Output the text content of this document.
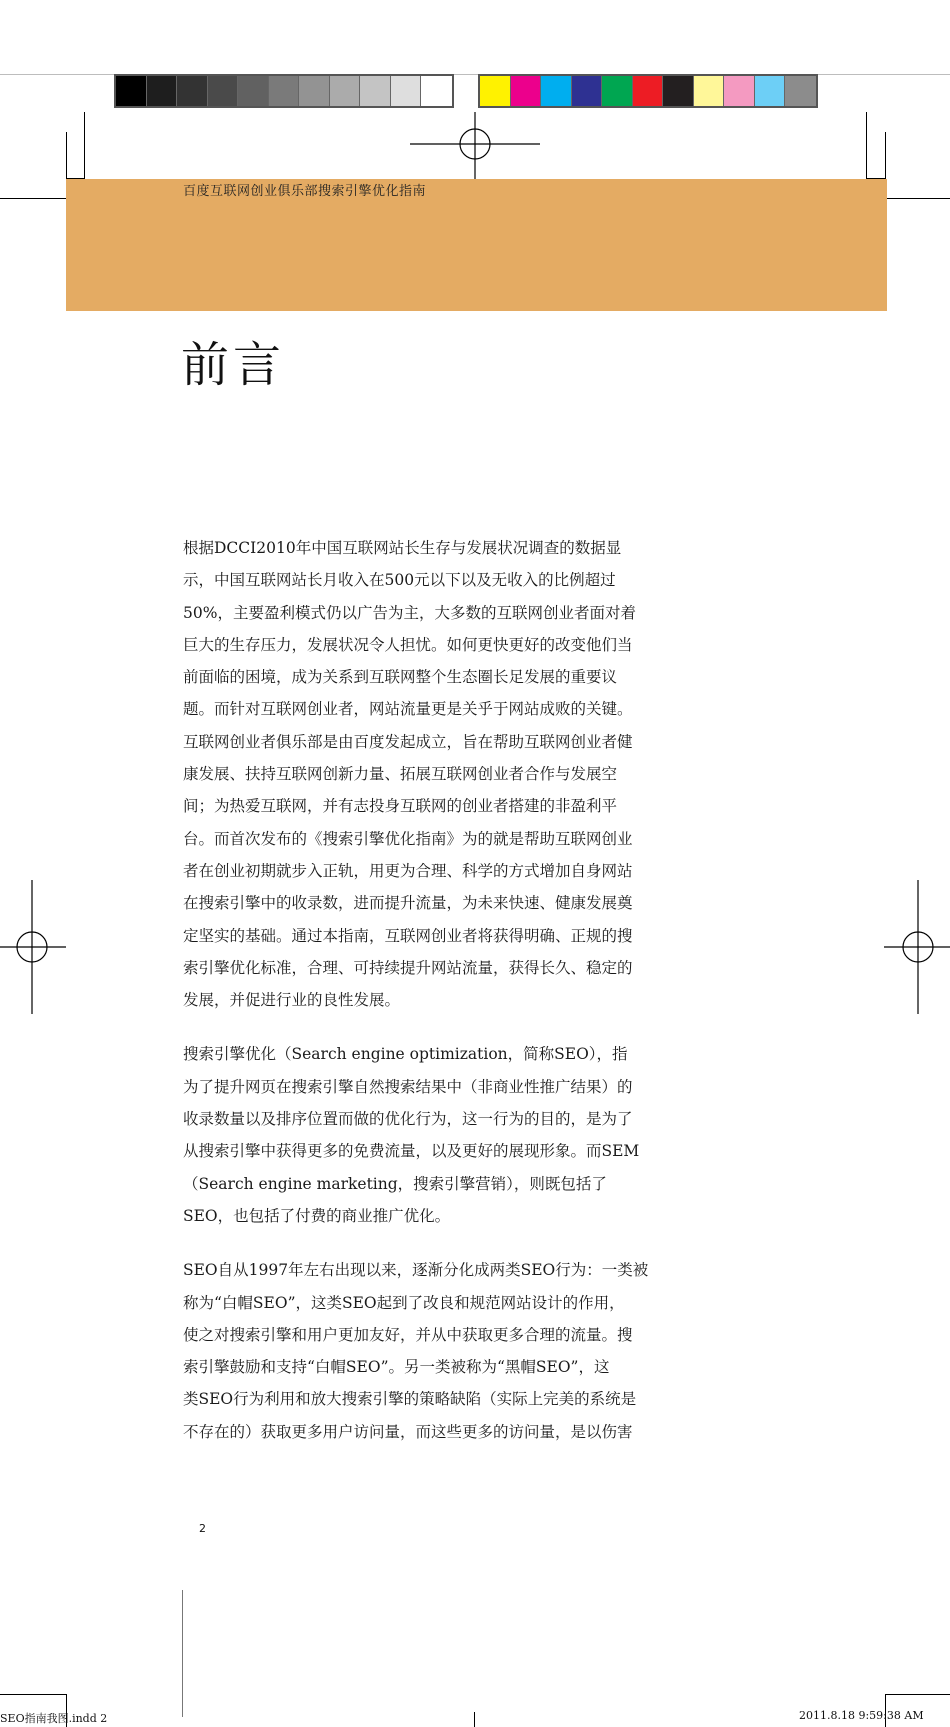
百度互联网创业俱乐部搜索引擎优化指南
前言

根据DCCI2010年中国互联网站长生存与发展状况调查的数据显
示，中国互联网站长月收入在500元以下以及无收入的比例超过
50%，主要盈利模式仍以广告为主，大多数的互联网创业者面对着
巨大的生存压力，发展状况令人担忧。如何更快更好的改变他们当
前面临的困境，成为关系到互联网整个生态圈长足发展的重要议
题。而针对互联网创业者，网站流量更是关乎于网站成败的关键。
互联网创业者俱乐部是由百度发起成立，旨在帮助互联网创业者健
康发展、扶持互联网创新力量、拓展互联网创业者合作与发展空
间；为热爱互联网，并有志投身互联网的创业者搭建的非盈利平
台。而首次发布的《搜索引擎优化指南》为的就是帮助互联网创业
者在创业初期就步入正轨，用更为合理、科学的方式增加自身网站
在搜索引擎中的收录数，进而提升流量，为未来快速、健康发展奠
定坚实的基础。通过本指南，互联网创业者将获得明确、正规的搜
索引擎优化标准，合理、可持续提升网站流量，获得长久、稳定的
发展，并促进行业的良性发展。

搜索引擎优化（Search engine optimization，简称SEO），指
为了提升网页在搜索引擎自然搜索结果中（非商业性推广结果）的
收录数量以及排序位置而做的优化行为，这一行为的目的，是为了
从搜索引擎中获得更多的免费流量，以及更好的展现形象。而SEM
（Search engine marketing，搜索引擎营销），则既包括了
SEO，也包括了付费的商业推广优化。

SEO自从1997年左右出现以来，逐渐分化成两类SEO行为：一类被
称为“白帽SEO”，这类SEO起到了改良和规范网站设计的作用，
使之对搜索引擎和用户更加友好，并从中获取更多合理的流量。搜
索引擎鼓励和支持“白帽SEO”。另一类被称为“黑帽SEO”，这
类SEO行为利用和放大搜索引擎的策略缺陷（实际上完美的系统是
不存在的）获取更多用户访问量，而这些更多的访问量，是以伤害

2
SEO指南我图.indd 2	2011.8.18 9:59:38 AM
